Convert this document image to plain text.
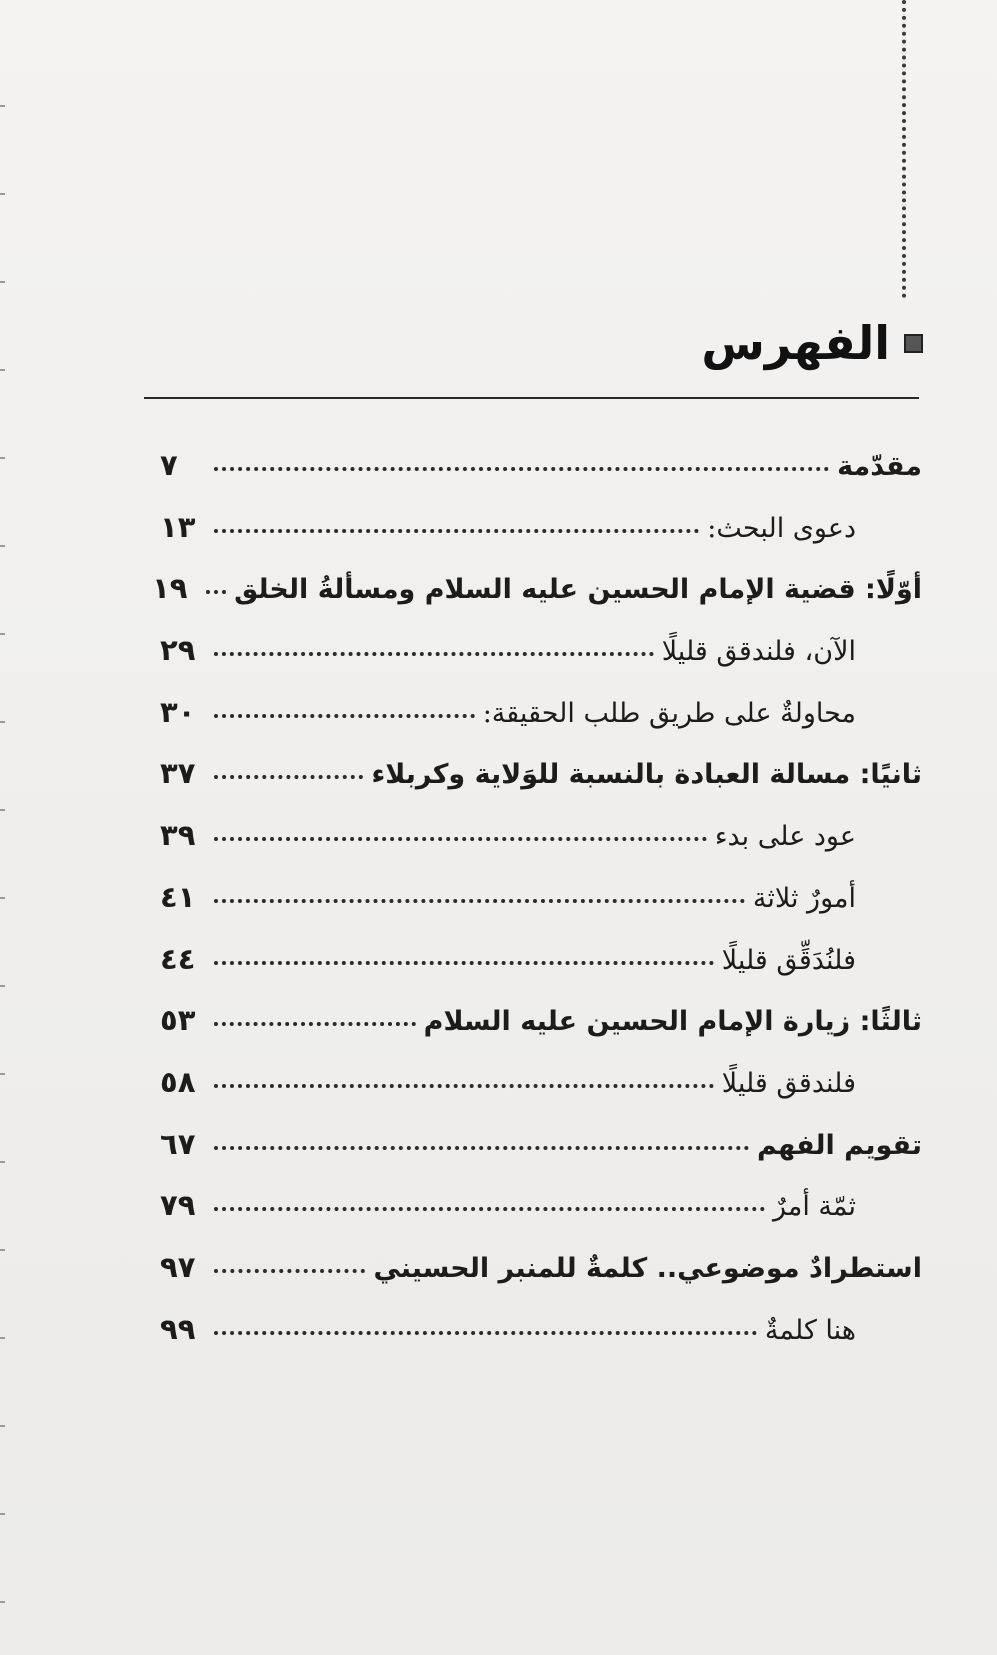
الفهرس
مقدّمة
٧
دعوى البحث:
١٣
أوّلًا: قضية الإمام الحسين عليه السلام ومسألةُ الخلق
١٩
الآن، فلندقق قليلًا
٢٩
محاولةٌ على طريق طلب الحقيقة:
٣٠
ثانيًا: مسالة العبادة بالنسبة للوَلاية وكربلاء
٣٧
عود على بدء
٣٩
أمورٌ ثلاثة
٤١
فلنُدَقِّق قليلًا
٤٤
ثالثًا: زيارة الإمام الحسين عليه السلام
٥٣
فلندقق قليلًا
٥٨
تقويم الفهم
٦٧
ثمّة أمرٌ
٧٩
استطرادٌ موضوعي.. كلمةٌ للمنبر الحسيني
٩٧
هنا كلمةٌ
٩٩
